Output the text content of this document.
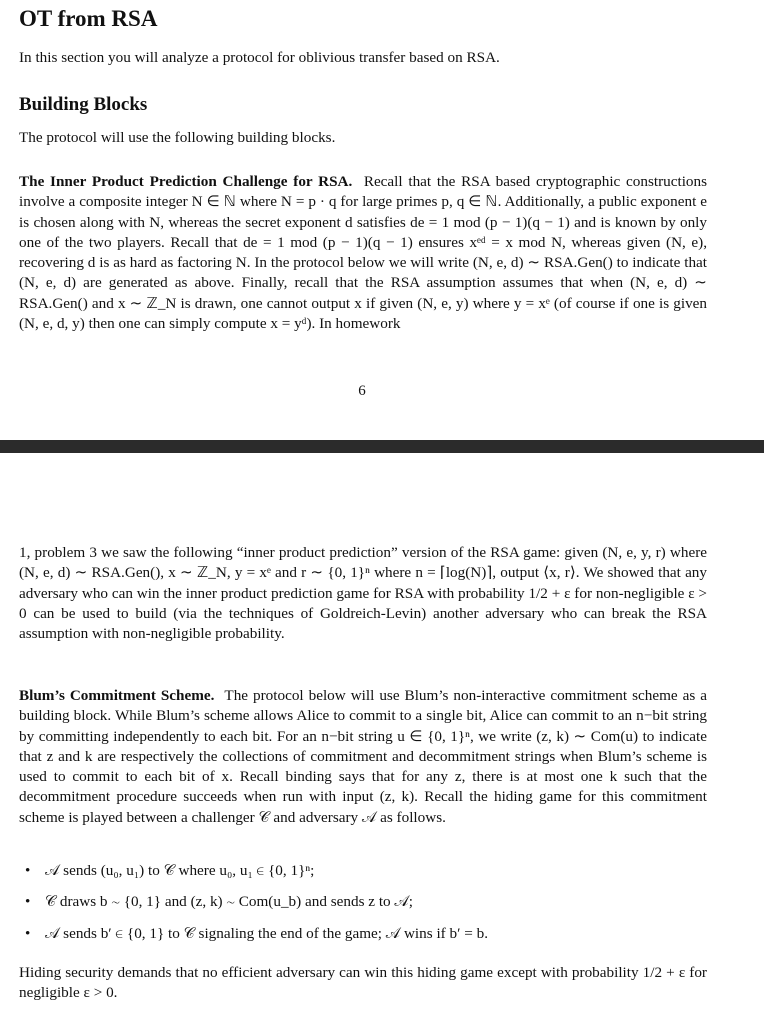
OT from RSA

In this section you will analyze a protocol for oblivious transfer based on RSA.

Building Blocks

The protocol will use the following building blocks.

The Inner Product Prediction Challenge for RSA. Recall that the RSA based cryptographic constructions involve a composite integer N ∈ ℕ where N = p · q for large primes p, q ∈ ℕ. Additionally, a public exponent e is chosen along with N, whereas the secret exponent d satisfies de = 1 mod (p − 1)(q − 1) and is known by only one of the two players. Recall that de = 1 mod (p − 1)(q − 1) ensures xᵉᵈ = x mod N, whereas given (N, e), recovering d is as hard as factoring N. In the protocol below we will write (N, e, d) ∼ RSA.Gen() to indicate that (N, e, d) are generated as above. Finally, recall that the RSA assumption assumes that when (N, e, d) ∼ RSA.Gen() and x ∼ ℤ_N is drawn, one cannot output x if given (N, e, y) where y = xᵉ (of course if one is given (N, e, d, y) then one can simply compute x = yᵈ). In homework

6

1, problem 3 we saw the following “inner product prediction” version of the RSA game: given (N, e, y, r) where (N, e, d) ∼ RSA.Gen(), x ∼ ℤ_N, y = xᵉ and r ∼ {0, 1}ⁿ where n = ⌈log(N)⌉, output ⟨x, r⟩. We showed that any adversary who can win the inner product prediction game for RSA with probability 1/2 + ε for non-negligible ε > 0 can be used to build (via the techniques of Goldreich-Levin) another adversary who can break the RSA assumption with non-negligible probability.

Blum’s Commitment Scheme. The protocol below will use Blum’s non-interactive commitment scheme as a building block. While Blum’s scheme allows Alice to commit to a single bit, Alice can commit to an n−bit string by committing independently to each bit. For an n−bit string u ∈ {0, 1}ⁿ, we write (z, k) ∼ Com(u) to indicate that z and k are respectively the collections of commitment and decommitment strings when Blum’s scheme is used to commit to each bit of x. Recall binding says that for any z, there is at most one k such that the decommitment procedure succeeds when run with input (z, k). Recall the hiding game for this commitment scheme is played between a challenger 𝒞 and adversary 𝒜 as follows.

• 𝒜 sends (u₀, u₁) to 𝒞 where u₀, u₁ ∈ {0, 1}ⁿ;
• 𝒞 draws b ∼ {0, 1} and (z, k) ∼ Com(u_b) and sends z to 𝒜;
• 𝒜 sends b′ ∈ {0, 1} to 𝒞 signaling the end of the game; 𝒜 wins if b′ = b.

Hiding security demands that no efficient adversary can win this hiding game except with probability 1/2 + ε for negligible ε > 0.
